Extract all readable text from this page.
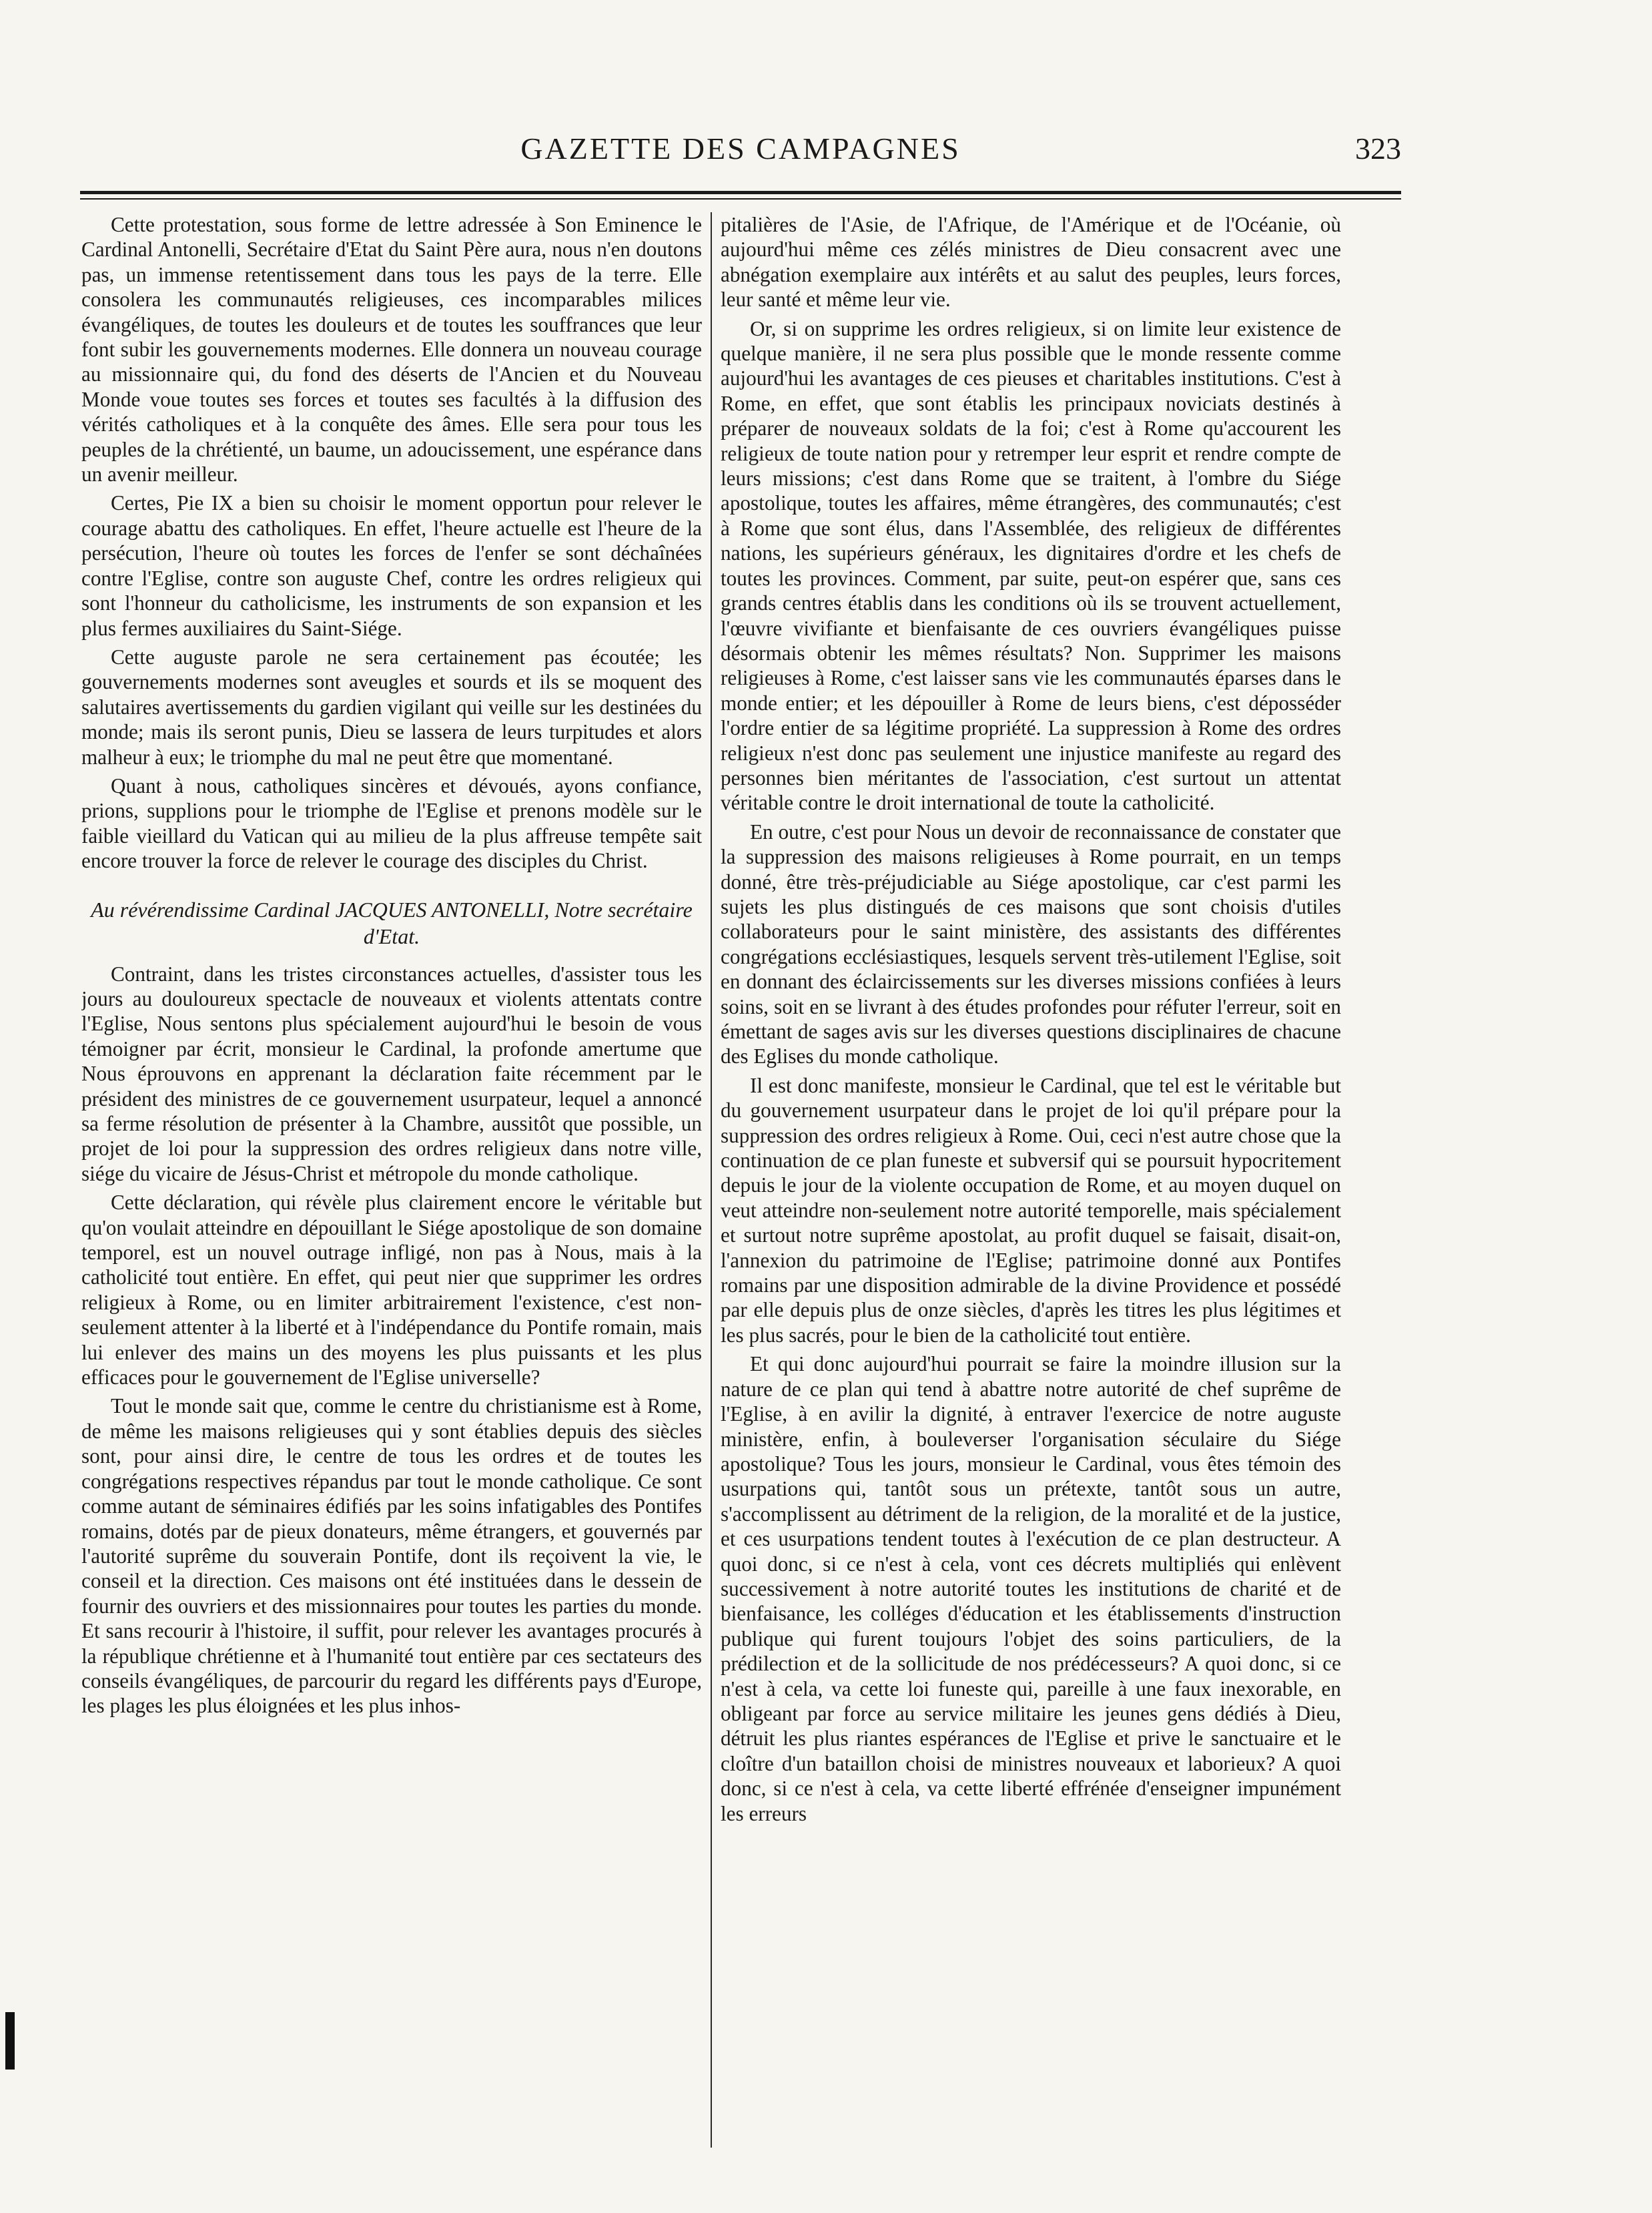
GAZETTE DES CAMPAGNES	323

Cette protestation, sous forme de lettre adressée à Son Eminence le Cardinal Antonelli, Secrétaire d'Etat du Saint Père aura, nous n'en doutons pas, un immense retentissement dans tous les pays de la terre. Elle consolera les communautés religieuses, ces incomparables milices évangéliques, de toutes les douleurs et de toutes les souffrances que leur font subir les gouvernements modernes. Elle donnera un nouveau courage au missionnaire qui, du fond des déserts de l'Ancien et du Nouveau Monde voue toutes ses forces et toutes ses facultés à la diffusion des vérités catholiques et à la conquête des âmes. Elle sera pour tous les peuples de la chrétienté, un baume, un adoucissement, une espérance dans un avenir meilleur.

Certes, Pie IX a bien su choisir le moment opportun pour relever le courage abattu des catholiques. En effet, l'heure actuelle est l'heure de la persécution, l'heure où toutes les forces de l'enfer se sont déchaînées contre l'Eglise, contre son auguste Chef, contre les ordres religieux qui sont l'honneur du catholicisme, les instruments de son expansion et les plus fermes auxiliaires du Saint-Siége.

Cette auguste parole ne sera certainement pas écoutée; les gouvernements modernes sont aveugles et sourds et ils se moquent des salutaires avertissements du gardien vigilant qui veille sur les destinées du monde; mais ils seront punis, Dieu se lassera de leurs turpitudes et alors malheur à eux; le triomphe du mal ne peut être que momentané.

Quant à nous, catholiques sincères et dévoués, ayons confiance, prions, supplions pour le triomphe de l'Eglise et prenons modèle sur le faible vieillard du Vatican qui au milieu de la plus affreuse tempête sait encore trouver la force de relever le courage des disciples du Christ.

Au révérendissime Cardinal JACQUES ANTONELLI, Notre secrétaire d'Etat.

Contraint, dans les tristes circonstances actuelles, d'assister tous les jours au douloureux spectacle de nouveaux et violents attentats contre l'Eglise, Nous sentons plus spécialement aujourd'hui le besoin de vous témoigner par écrit, monsieur le Cardinal, la profonde amertume que Nous éprouvons en apprenant la déclaration faite récemment par le président des ministres de ce gouvernement usurpateur, lequel a annoncé sa ferme résolution de présenter à la Chambre, aussitôt que possible, un projet de loi pour la suppression des ordres religieux dans notre ville, siége du vicaire de Jésus-Christ et métropole du monde catholique.

Cette déclaration, qui révèle plus clairement encore le véritable but qu'on voulait atteindre en dépouillant le Siége apostolique de son domaine temporel, est un nouvel outrage infligé, non pas à Nous, mais à la catholicité tout entière. En effet, qui peut nier que supprimer les ordres religieux à Rome, ou en limiter arbitrairement l'existence, c'est non-seulement attenter à la liberté et à l'indépendance du Pontife romain, mais lui enlever des mains un des moyens les plus puissants et les plus efficaces pour le gouvernement de l'Eglise universelle?

Tout le monde sait que, comme le centre du christianisme est à Rome, de même les maisons religieuses qui y sont établies depuis des siècles sont, pour ainsi dire, le centre de tous les ordres et de toutes les congrégations respectives répandus par tout le monde catholique. Ce sont comme autant de séminaires édifiés par les soins infatigables des Pontifes romains, dotés par de pieux donateurs, même étrangers, et gouvernés par l'autorité suprême du souverain Pontife, dont ils reçoivent la vie, le conseil et la direction. Ces maisons ont été instituées dans le dessein de fournir des ouvriers et des missionnaires pour toutes les parties du monde. Et sans recourir à l'histoire, il suffit, pour relever les avantages procurés à la république chrétienne et à l'humanité tout entière par ces sectateurs des conseils évangéliques, de parcourir du regard les différents pays d'Europe, les plages les plus éloignées et les plus inhos-

pitalières de l'Asie, de l'Afrique, de l'Amérique et de l'Océanie, où aujourd'hui même ces zélés ministres de Dieu consacrent avec une abnégation exemplaire aux intérêts et au salut des peuples, leurs forces, leur santé et même leur vie.

Or, si on supprime les ordres religieux, si on limite leur existence de quelque manière, il ne sera plus possible que le monde ressente comme aujourd'hui les avantages de ces pieuses et charitables institutions. C'est à Rome, en effet, que sont établis les principaux noviciats destinés à préparer de nouveaux soldats de la foi; c'est à Rome qu'accourent les religieux de toute nation pour y retremper leur esprit et rendre compte de leurs missions; c'est dans Rome que se traitent, à l'ombre du Siége apostolique, toutes les affaires, même étrangères, des communautés; c'est à Rome que sont élus, dans l'Assemblée, des religieux de différentes nations, les supérieurs généraux, les dignitaires d'ordre et les chefs de toutes les provinces. Comment, par suite, peut-on espérer que, sans ces grands centres établis dans les conditions où ils se trouvent actuellement, l'œuvre vivifiante et bienfaisante de ces ouvriers évangéliques puisse désormais obtenir les mêmes résultats? Non. Supprimer les maisons religieuses à Rome, c'est laisser sans vie les communautés éparses dans le monde entier; et les dépouiller à Rome de leurs biens, c'est déposséder l'ordre entier de sa légitime propriété. La suppression à Rome des ordres religieux n'est donc pas seulement une injustice manifeste au regard des personnes bien méritantes de l'association, c'est surtout un attentat véritable contre le droit international de toute la catholicité.

En outre, c'est pour Nous un devoir de reconnaissance de constater que la suppression des maisons religieuses à Rome pourrait, en un temps donné, être très-préjudiciable au Siége apostolique, car c'est parmi les sujets les plus distingués de ces maisons que sont choisis d'utiles collaborateurs pour le saint ministère, des assistants des différentes congrégations ecclésiastiques, lesquels servent très-utilement l'Eglise, soit en donnant des éclaircissements sur les diverses missions confiées à leurs soins, soit en se livrant à des études profondes pour réfuter l'erreur, soit en émettant de sages avis sur les diverses questions disciplinaires de chacune des Eglises du monde catholique.

Il est donc manifeste, monsieur le Cardinal, que tel est le véritable but du gouvernement usurpateur dans le projet de loi qu'il prépare pour la suppression des ordres religieux à Rome. Oui, ceci n'est autre chose que la continuation de ce plan funeste et subversif qui se poursuit hypocritement depuis le jour de la violente occupation de Rome, et au moyen duquel on veut atteindre non-seulement notre autorité temporelle, mais spécialement et surtout notre suprême apostolat, au profit duquel se faisait, disait-on, l'annexion du patrimoine de l'Eglise; patrimoine donné aux Pontifes romains par une disposition admirable de la divine Providence et possédé par elle depuis plus de onze siècles, d'après les titres les plus légitimes et les plus sacrés, pour le bien de la catholicité tout entière.

Et qui donc aujourd'hui pourrait se faire la moindre illusion sur la nature de ce plan qui tend à abattre notre autorité de chef suprême de l'Eglise, à en avilir la dignité, à entraver l'exercice de notre auguste ministère, enfin, à bouleverser l'organisation séculaire du Siége apostolique? Tous les jours, monsieur le Cardinal, vous êtes témoin des usurpations qui, tantôt sous un prétexte, tantôt sous un autre, s'accomplissent au détriment de la religion, de la moralité et de la justice, et ces usurpations tendent toutes à l'exécution de ce plan destructeur. A quoi donc, si ce n'est à cela, vont ces décrets multipliés qui enlèvent successivement à notre autorité toutes les institutions de charité et de bienfaisance, les colléges d'éducation et les établissements d'instruction publique qui furent toujours l'objet des soins particuliers, de la prédilection et de la sollicitude de nos prédécesseurs? A quoi donc, si ce n'est à cela, va cette loi funeste qui, pareille à une faux inexorable, en obligeant par force au service militaire les jeunes gens dédiés à Dieu, détruit les plus riantes espérances de l'Eglise et prive le sanctuaire et le cloître d'un bataillon choisi de ministres nouveaux et laborieux? A quoi donc, si ce n'est à cela, va cette liberté effrénée d'enseigner impunément les erreurs
